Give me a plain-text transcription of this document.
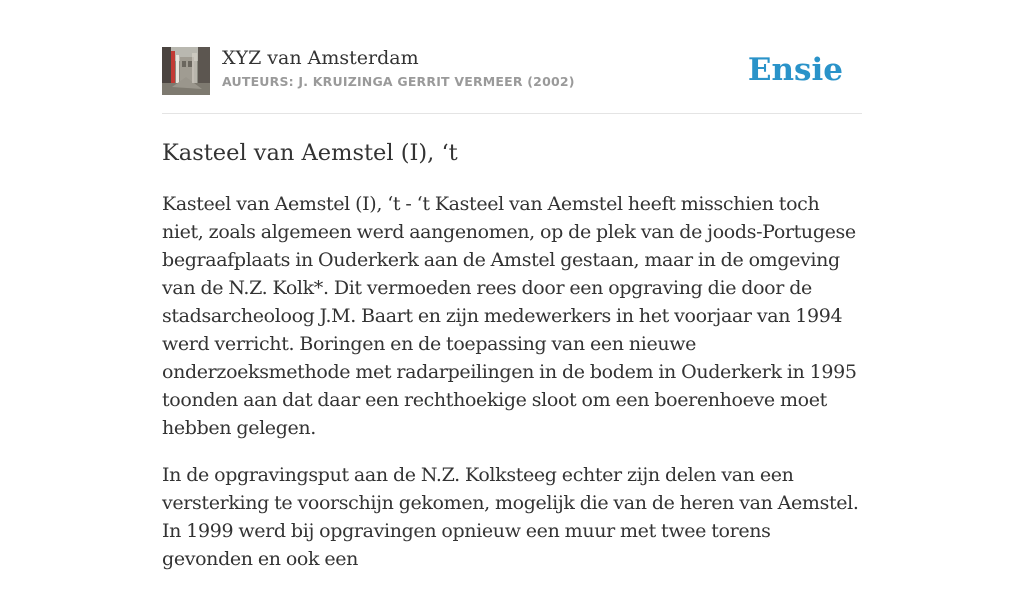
XYZ van Amsterdam
AUTEURS: J. KRUIZINGA GERRIT VERMEER (2002)	Ensie
Kasteel van Aemstel (I), ‘t

Kasteel van Aemstel (I), ‘t - ‘t Kasteel van Aemstel heeft misschien toch niet, zoals algemeen werd aangenomen, op de plek van de joods-Portugese begraafplaats in Ouderkerk aan de Amstel gestaan, maar in de omgeving van de N.Z. Kolk*. Dit vermoeden rees door een opgraving die door de stadsarcheoloog J.M. Baart en zijn medewerkers in het voorjaar van 1994 werd verricht. Boringen en de toepassing van een nieuwe onderzoeksmethode met radarpeilingen in de bodem in Ouderkerk in 1995 toonden aan dat daar een rechthoekige sloot om een boerenhoeve moet hebben gelegen.

In de opgravingsput aan de N.Z. Kolksteeg echter zijn delen van een versterking te voorschijn gekomen, mogelijk die van de heren van Aemstel. In 1999 werd bij opgravingen opnieuw een muur met twee torens gevonden en ook een
